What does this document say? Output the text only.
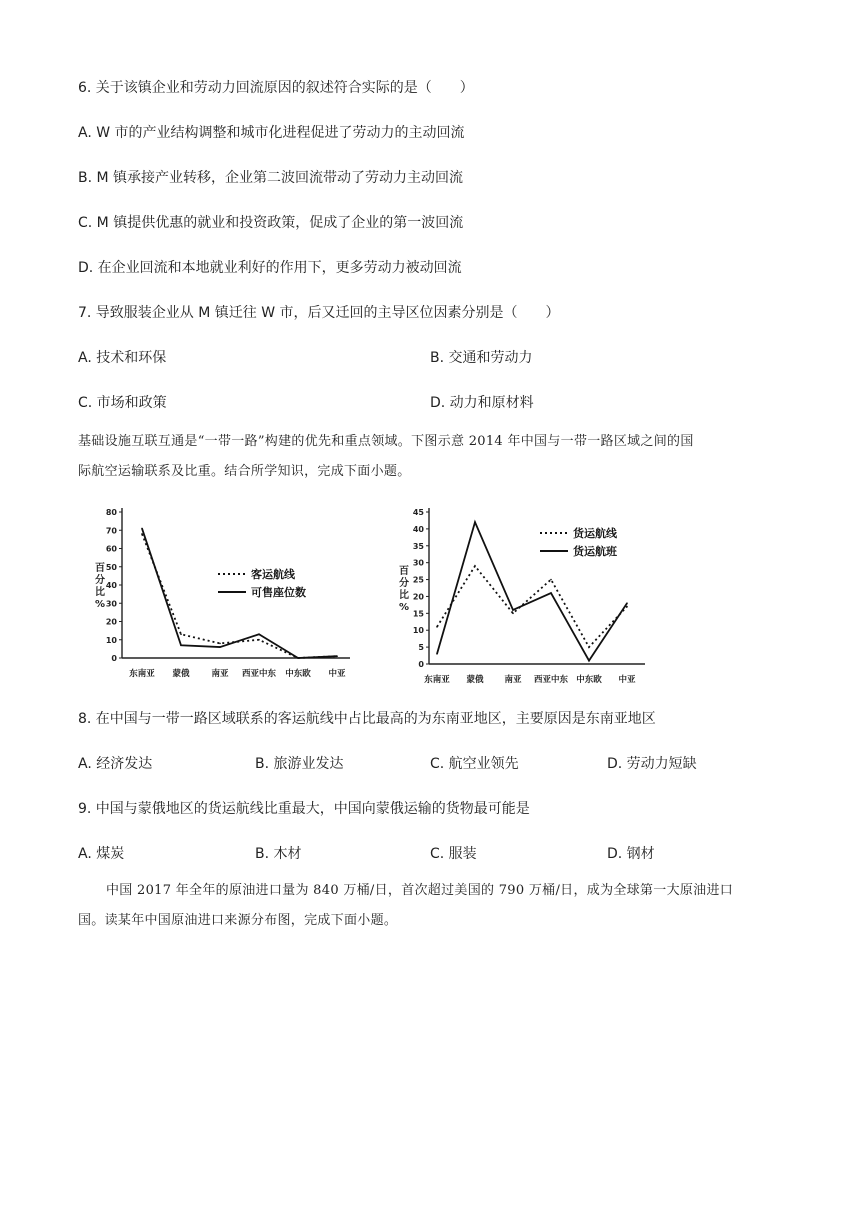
6. 关于该镇企业和劳动力回流原因的叙述符合实际的是（　　）
A. W 市的产业结构调整和城市化进程促进了劳动力的主动回流
B. M 镇承接产业转移，企业第二波回流带动了劳动力主动回流
C. M 镇提供优惠的就业和投资政策，促成了企业的第一波回流
D. 在企业回流和本地就业利好的作用下，更多劳动力被动回流
7. 导致服装企业从 M 镇迁往 W 市，后又迁回的主导区位因素分别是（　　）
A. 技术和环保	B. 交通和劳动力
C. 市场和政策	D. 动力和原材料
基础设施互联互通是“一带一路”构建的优先和重点领域。下图示意 2014 年中国与一带一路区域之间的国
际航空运输联系及比重。结合所学知识，完成下面小题。
0
10
20
30
40
50
60
70
80
百
分
比
%
东南亚 蒙俄	南亚 西亚中东 中东欧 中亚
客运航线
可售座位数
0
5
10
15
20
25
30
35
40
45
百
分
比
%
东南亚 蒙俄 南亚 西亚中东 中东欧 中亚
货运航线
货运航班
8. 在中国与一带一路区域联系的客运航线中占比最高的为东南亚地区，主要原因是东南亚地区
A. 经济发达	B. 旅游业发达	C. 航空业领先	D. 劳动力短缺
9. 中国与蒙俄地区的货运航线比重最大，中国向蒙俄运输的货物最可能是
A. 煤炭	B. 木材	C. 服装	D. 钢材
中国 2017 年全年的原油进口量为 840 万桶/日，首次超过美国的 790 万桶/日，成为全球第一大原油进口
国。读某年中国原油进口来源分布图，完成下面小题。
